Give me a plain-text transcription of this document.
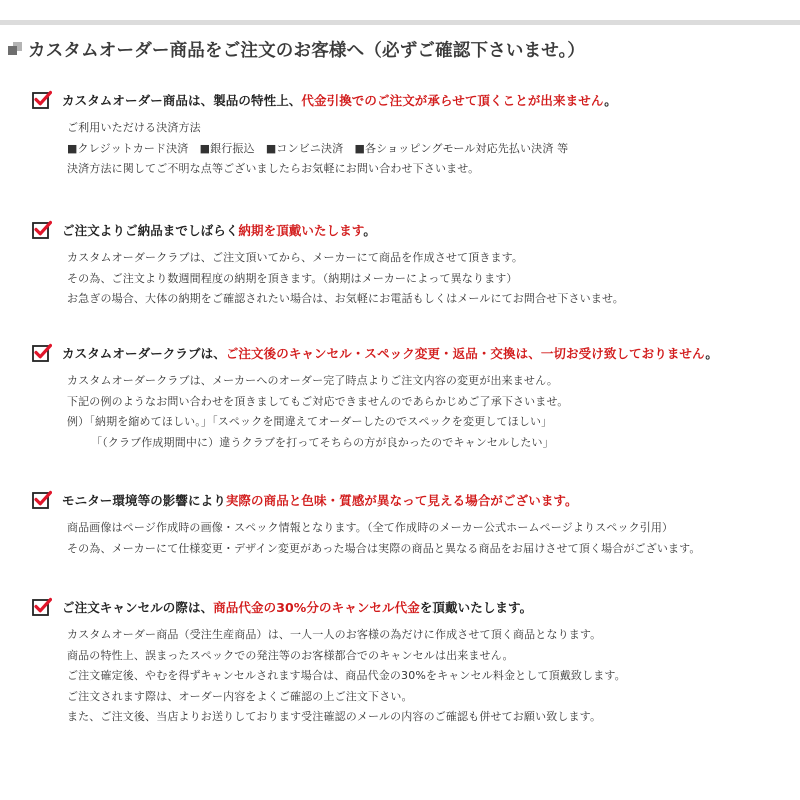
カスタムオーダー商品をご注文のお客様へ（必ずご確認下さいませ。）
カスタムオーダー商品は、製品の特性上、代金引換でのご注文が承らせて頂くことが出来ません。
ご利用いただける決済方法
■クレジットカード決済　■銀行振込　■コンビニ決済　■各ショッピングモール対応先払い決済 等
決済方法に関してご不明な点等ございましたらお気軽にお問い合わせ下さいませ。
ご注文よりご納品までしばらく納期を頂戴いたします。
カスタムオーダークラブは、ご注文頂いてから、メーカーにて商品を作成させて頂きます。
その為、ご注文より数週間程度の納期を頂きます。（納期はメーカーによって異なります）
お急ぎの場合、大体の納期をご確認されたい場合は、お気軽にお電話もしくはメールにてお問合せ下さいませ。
カスタムオーダークラブは、ご注文後のキャンセル・スペック変更・返品・交換は、一切お受け致しておりません。
カスタムオーダークラブは、メーカーへのオーダー完了時点よりご注文内容の変更が出来ません。
下記の例のようなお問い合わせを頂きましてもご対応できませんのであらかじめご了承下さいませ。
例）「納期を縮めてほしい。」「スペックを間違えてオーダーしたのでスペックを変更してほしい」
「（クラブ作成期間中に）違うクラブを打ってそちらの方が良かったのでキャンセルしたい」
モニター環境等の影響により実際の商品と色味・質感が異なって見える場合がございます。
商品画像はページ作成時の画像・スペック情報となります。（全て作成時のメーカー公式ホームページよりスペック引用）
その為、メーカーにて仕様変更・デザイン変更があった場合は実際の商品と異なる商品をお届けさせて頂く場合がございます。
ご注文キャンセルの際は、商品代金の30%分のキャンセル代金を頂戴いたします。
カスタムオーダー商品（受注生産商品）は、一人一人のお客様の為だけに作成させて頂く商品となります。
商品の特性上、誤まったスペックでの発注等のお客様都合でのキャンセルは出来ません。
ご注文確定後、やむを得ずキャンセルされます場合は、商品代金の30%をキャンセル料金として頂戴致します。
ご注文されます際は、オーダー内容をよくご確認の上ご注文下さい。
また、ご注文後、当店よりお送りしております受注確認のメールの内容のご確認も併せてお願い致します。
